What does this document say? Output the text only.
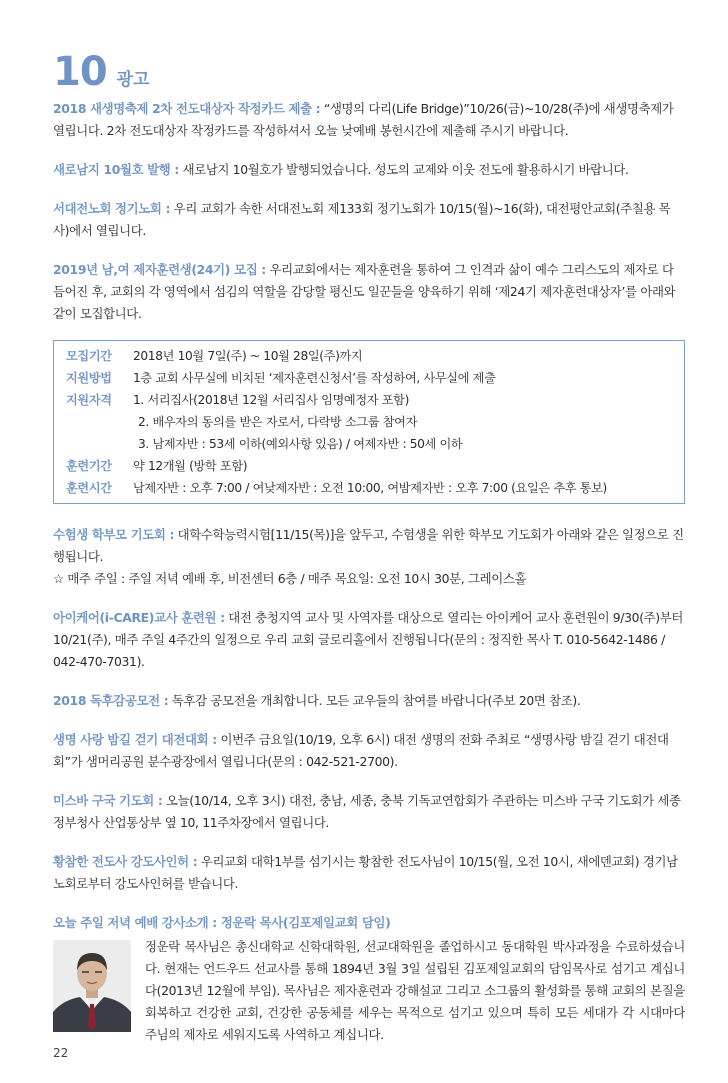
10 광고
2018 새생명축제 2차 전도대상자 작정카드 제출 : “생명의 다리(Life Bridge)”10/26(금)~10/28(주)에 새생명축제가 열립니다. 2차 전도대상자 작정카드를 작성하셔서 오늘 낮예배 봉헌시간에 제출해 주시기 바랍니다.
새로남지 10월호 발행 : 새로남지 10월호가 발행되었습니다. 성도의 교제와 이웃 전도에 활용하시기 바랍니다.
서대전노회 정기노회 : 우리 교회가 속한 서대전노회 제133회 정기노회가 10/15(월)~16(화), 대전평안교회(주칠용 목사)에서 열립니다.
2019년 남,여 제자훈련생(24기) 모집 : 우리교회에서는 제자훈련을 통하여 그 인격과 삶이 예수 그리스도의 제자로 다듬어진 후, 교회의 각 영역에서 섬김의 역할을 감당할 평신도 일꾼들을 양육하기 위해 ‘제24기 제자훈련대상자’를 아래와 같이 모집합니다.
모집기간	2018년 10월 7일(주) ~ 10월 28일(주)까지
지원방법	1층 교회 사무실에 비치된 ‘제자훈련신청서’를 작성하여, 사무실에 제출
지원자격	1. 서리집사(2018년 12월 서리집사 임명예정자 포함)
2. 배우자의 동의를 받은 자로서, 다락방 소그룹 참여자
3. 남제자반 : 53세 이하(예외사항 있음) / 여제자반 : 50세 이하
훈련기간	약 12개월 (방학 포함)
훈련시간	남제자반 : 오후 7:00 / 여낮제자반 : 오전 10:00, 여밤제자반 : 오후 7:00 (요일은 추후 통보)
수험생 학부모 기도회 : 대학수학능력시험[11/15(목)]을 앞두고, 수험생을 위한 학부모 기도회가 아래와 같은 일정으로 진행됩니다.
☆ 매주 주일 : 주일 저녁 예배 후, 비전센터 6층 / 매주 목요일: 오전 10시 30분, 그레이스홀
아이케어(i-CARE)교사 훈련원 : 대전 충청지역 교사 및 사역자를 대상으로 열리는 아이케어 교사 훈련원이 9/30(주)부터 10/21(주), 매주 주일 4주간의 일정으로 우리 교회 글로리홀에서 진행됩니다(문의 : 정직한 목사 T. 010-5642-1486 / 042-470-7031).
2018 독후감공모전 : 독후감 공모전을 개최합니다. 모든 교우들의 참여를 바랍니다(주보 20면 참조).
생명 사랑 밤길 걷기 대전대회 : 이번주 금요일(10/19, 오후 6시) 대전 생명의 전화 주최로 “생명사랑 밤길 걷기 대전대회”가 샘머리공원 분수광장에서 열립니다(문의 : 042-521-2700).
미스바 구국 기도회 : 오늘(10/14, 오후 3시) 대전, 충남, 세종, 충북 기독교연합회가 주관하는 미스바 구국 기도회가 세종정부청사 산업통상부 옆 10, 11주차장에서 열립니다.
황참한 전도사 강도사인허 : 우리교회 대학1부를 섬기시는 황참한 전도사님이 10/15(월, 오전 10시, 새에덴교회) 경기남노회로부터 강도사인허를 받습니다.
오늘 주일 저녁 예배 강사소개 : 정운락 목사(김포제일교회 담임)
정운락 목사님은 총신대학교 신학대학원, 선교대학원을 졸업하시고 동대학원 박사과정을 수료하셨습니다. 현재는 언드우드 선교사를 통해 1894년 3월 3일 설립된 김포제일교회의 담임목사로 섬기고 계십니다(2013년 12월에 부임). 목사님은 제자훈련과 강해설교 그리고 소그룹의 활성화를 통해 교회의 본질을 회복하고 건강한 교회, 건강한 공동체를 세우는 목적으로 섬기고 있으며 특히 모든 세대가 각 시대마다 주님의 제자로 세워지도록 사역하고 계십니다.
22
